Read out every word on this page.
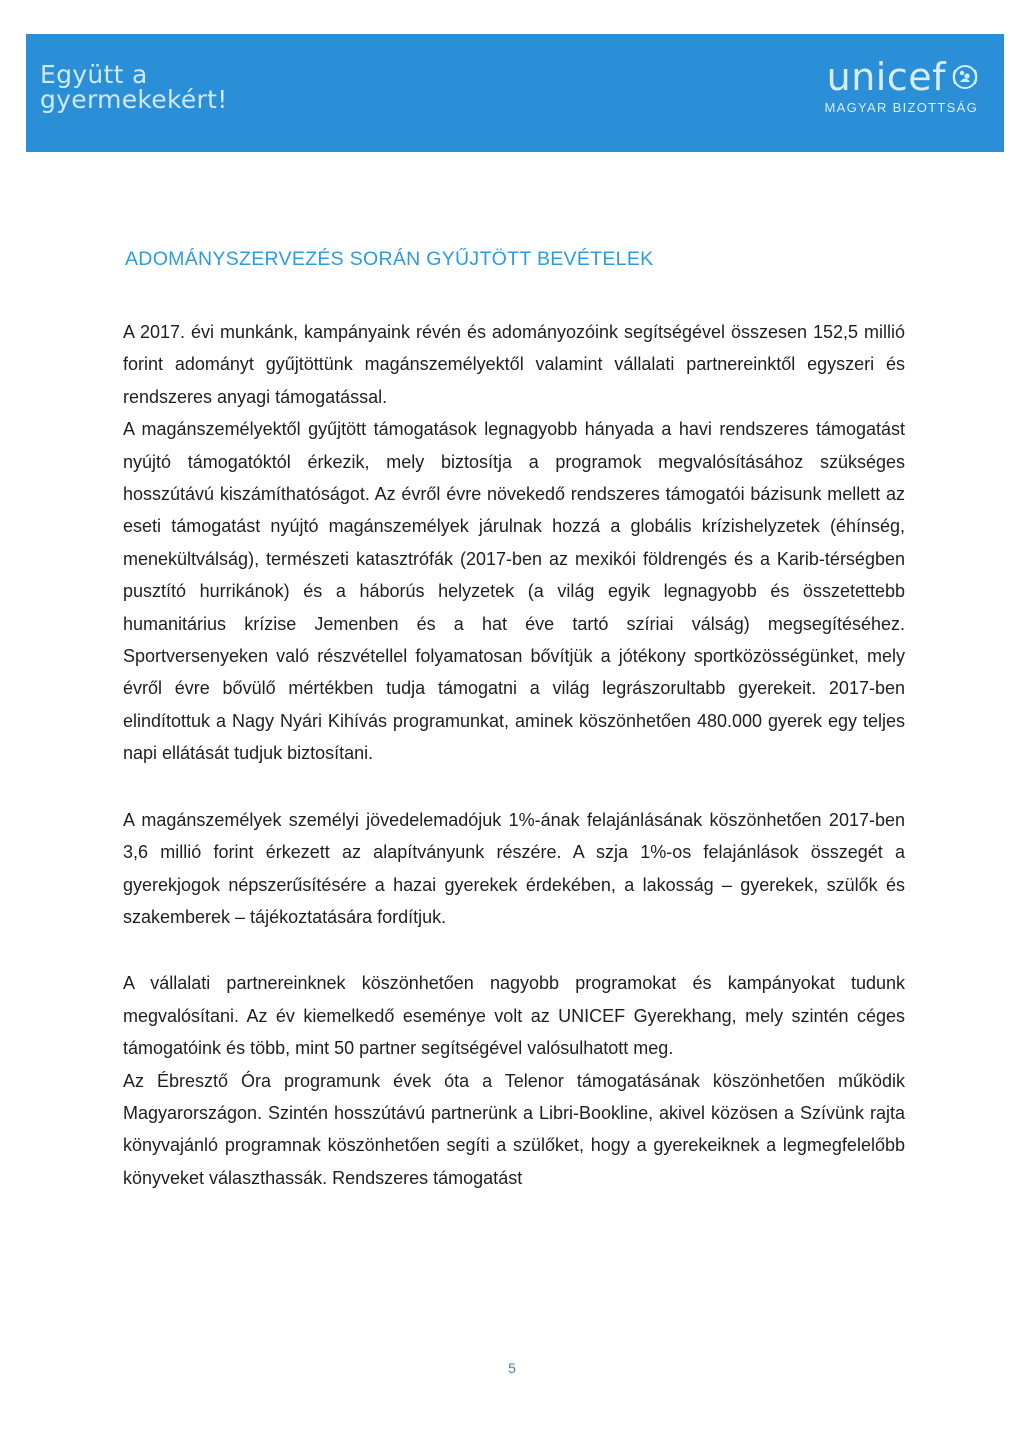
Együtt a
gyermekekért!
unicef
MAGYAR BIZOTTSÁG
ADOMÁNYSZERVEZÉS SORÁN GYŰJTÖTT BEVÉTELEK

A 2017. évi munkánk, kampányaink révén és adományozóink segítségével összesen 152,5 millió forint adományt gyűjtöttünk magánszemélyektől valamint vállalati partnereinktől egyszeri és rendszeres anyagi támogatással.

A magánszemélyektől gyűjtött támogatások legnagyobb hányada a havi rendszeres támogatást nyújtó támogatóktól érkezik, mely biztosítja a programok megvalósításához szükséges hosszútávú kiszámíthatóságot. Az évről évre növekedő rendszeres támogatói bázisunk mellett az eseti támogatást nyújtó magánszemélyek járulnak hozzá a globális krízishelyzetek (éhínség, menekültválság), természeti katasztrófák (2017-ben az mexikói földrengés és a Karib-térségben pusztító hurrikánok) és a háborús helyzetek (a világ egyik legnagyobb és összetettebb humanitárius krízise Jemenben és a hat éve tartó szíriai válság) megsegítéséhez. Sportversenyeken való részvétellel folyamatosan bővítjük a jótékony sportközösségünket, mely évről évre bővülő mértékben tudja támogatni a világ legrászorultabb gyerekeit. 2017-ben elindítottuk a Nagy Nyári Kihívás programunkat, aminek köszönhetően 480.000 gyerek egy teljes napi ellátását tudjuk biztosítani.

A magánszemélyek személyi jövedelemadójuk 1%-ának felajánlásának köszönhetően 2017-ben 3,6 millió forint érkezett az alapítványunk részére. A szja 1%-os felajánlások összegét a gyerekjogok népszerűsítésére a hazai gyerekek érdekében, a lakosság – gyerekek, szülők és szakemberek – tájékoztatására fordítjuk.

A vállalati partnereinknek köszönhetően nagyobb programokat és kampányokat tudunk megvalósítani. Az év kiemelkedő eseménye volt az UNICEF Gyerekhang, mely szintén céges támogatóink és több, mint 50 partner segítségével valósulhatott meg.

Az Ébresztő Óra programunk évek óta a Telenor támogatásának köszönhetően működik Magyarországon. Szintén hosszútávú partnerünk a Libri-Bookline, akivel közösen a Szívünk rajta könyvajánló programnak köszönhetően segíti a szülőket, hogy a gyerekeiknek a legmegfelelőbb könyveket választhassák. Rendszeres támogatást

5
